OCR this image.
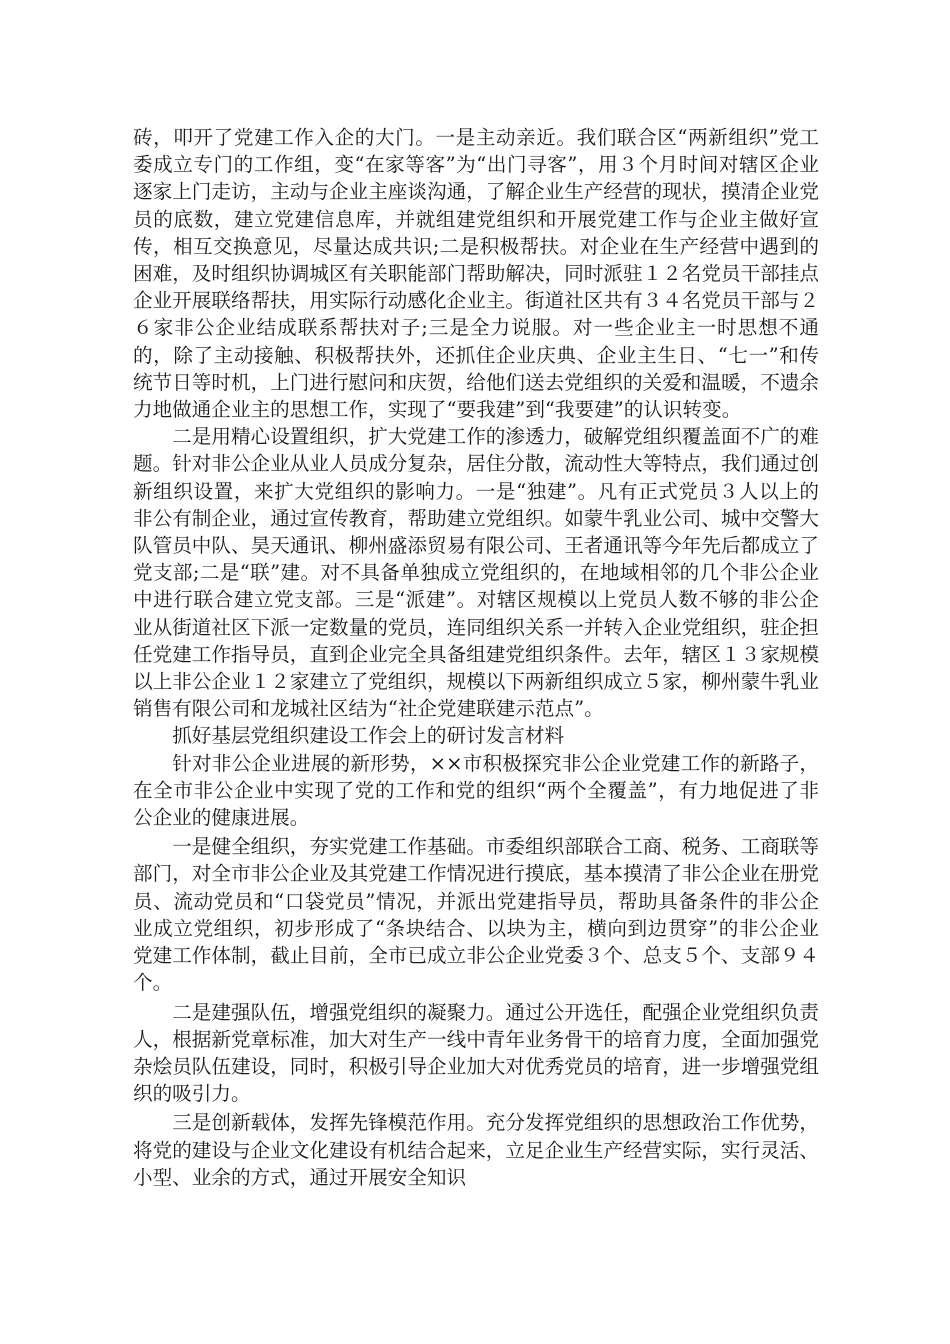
砖，叩开了党建工作入企的大门。一是主动亲近。我们联合区“两新组织”党工委成立专门的工作组，变“在家等客”为“出门寻客”，用３个月时间对辖区企业逐家上门走访，主动与企业主座谈沟通，了解企业生产经营的现状，摸清企业党员的底数，建立党建信息库，并就组建党组织和开展党建工作与企业主做好宣传，相互交换意见，尽量达成共识;二是积极帮扶。对企业在生产经营中遇到的困难，及时组织协调城区有关职能部门帮助解决，同时派驻１２名党员干部挂点企业开展联络帮扶，用实际行动感化企业主。街道社区共有３４名党员干部与２６家非公企业结成联系帮扶对子;三是全力说服。对一些企业主一时思想不通的，除了主动接触、积极帮扶外，还抓住企业庆典、企业主生日、“七一”和传统节日等时机，上门进行慰问和庆贺，给他们送去党组织的关爱和温暖，不遗余力地做通企业主的思想工作，实现了“要我建”到“我要建”的认识转变。

二是用精心设置组织，扩大党建工作的渗透力，破解党组织覆盖面不广的难题。针对非公企业从业人员成分复杂，居住分散，流动性大等特点，我们通过创新组织设置，来扩大党组织的影响力。一是“独建”。凡有正式党员３人以上的非公有制企业，通过宣传教育，帮助建立党组织。如蒙牛乳业公司、城中交警大队管员中队、昊天通讯、柳州盛添贸易有限公司、王者通讯等今年先后都成立了党支部;二是“联”建。对不具备单独成立党组织的，在地域相邻的几个非公企业中进行联合建立党支部。三是“派建”。对辖区规模以上党员人数不够的非公企业从街道社区下派一定数量的党员，连同组织关系一并转入企业党组织，驻企担任党建工作指导员，直到企业完全具备组建党组织条件。去年，辖区１３家规模以上非公企业１２家建立了党组织，规模以下两新组织成立５家，柳州蒙牛乳业销售有限公司和龙城社区结为“社企党建联建示范点”。

抓好基层党组织建设工作会上的研讨发言材料

针对非公企业进展的新形势，××市积极探究非公企业党建工作的新路子，在全市非公企业中实现了党的工作和党的组织“两个全覆盖”，有力地促进了非公企业的健康进展。

一是健全组织，夯实党建工作基础。市委组织部联合工商、税务、工商联等部门，对全市非公企业及其党建工作情况进行摸底，基本摸清了非公企业在册党员、流动党员和“口袋党员”情况，并派出党建指导员，帮助具备条件的非公企业成立党组织，初步形成了“条块结合、以块为主，横向到边贯穿”的非公企业党建工作体制，截止目前，全市已成立非公企业党委３个、总支５个、支部９４个。

二是建强队伍，增强党组织的凝聚力。通过公开选任，配强企业党组织负责人，根据新党章标准，加大对生产一线中青年业务骨干的培育力度，全面加强党杂烩员队伍建设，同时，积极引导企业加大对优秀党员的培育，进一步增强党组织的吸引力。

三是创新载体，发挥先锋模范作用。充分发挥党组织的思想政治工作优势，将党的建设与企业文化建设有机结合起来，立足企业生产经营实际，实行灵活、小型、业余的方式，通过开展安全知识
